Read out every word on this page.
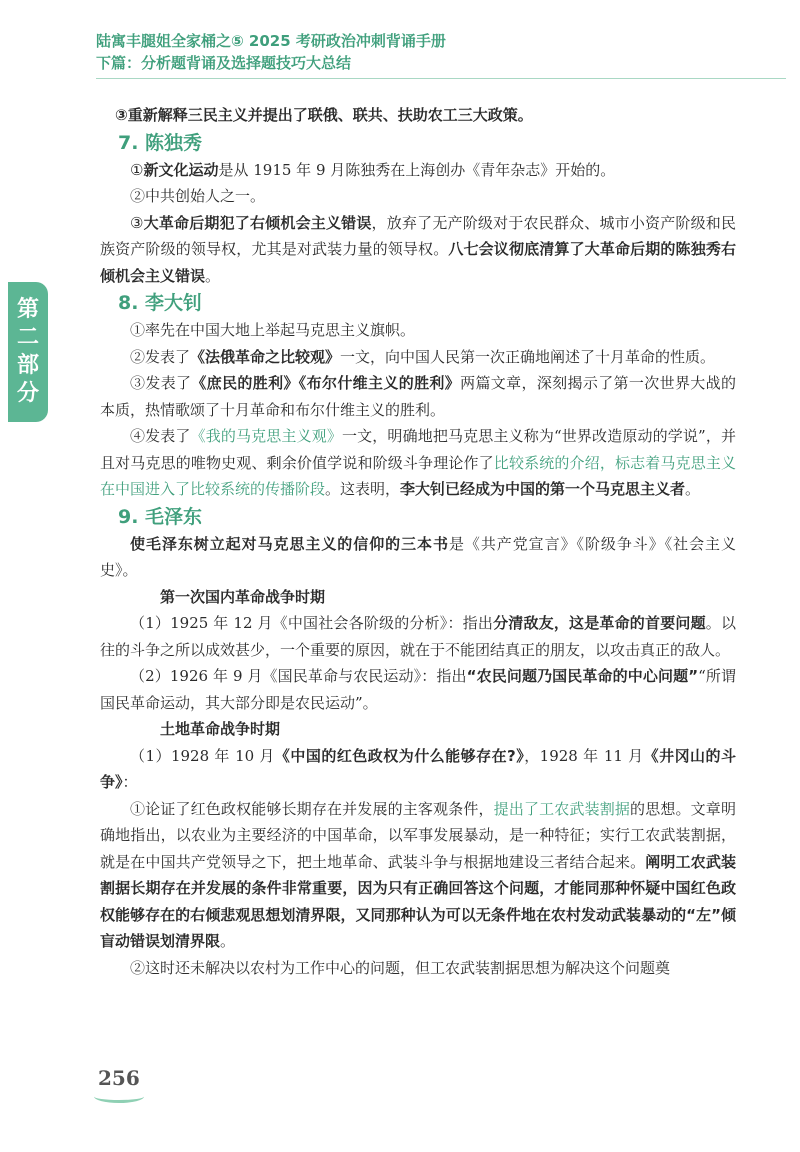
陆寓丰腿姐全家桶之⑤ 2025 考研政治冲刺背诵手册
下篇：分析题背诵及选择题技巧大总结
第
二
部
分

③重新解释三民主义并提出了联俄、联共、扶助农工三大政策。

7. 陈独秀

①新文化运动是从 1915 年 9 月陈独秀在上海创办《青年杂志》开始的。

②中共创始人之一。

③大革命后期犯了右倾机会主义错误，放弃了无产阶级对于农民群众、城市小资产阶级和民族资产阶级的领导权，尤其是对武装力量的领导权。八七会议彻底清算了大革命后期的陈独秀右倾机会主义错误。

8. 李大钊

①率先在中国大地上举起马克思主义旗帜。

②发表了《法俄革命之比较观》一文，向中国人民第一次正确地阐述了十月革命的性质。

③发表了《庶民的胜利》《布尔什维主义的胜利》两篇文章，深刻揭示了第一次世界大战的本质，热情歌颂了十月革命和布尔什维主义的胜利。

④发表了《我的马克思主义观》一文，明确地把马克思主义称为“世界改造原动的学说”，并且对马克思的唯物史观、剩余价值学说和阶级斗争理论作了比较系统的介绍，标志着马克思主义在中国进入了比较系统的传播阶段。这表明，李大钊已经成为中国的第一个马克思主义者。

9. 毛泽东

使毛泽东树立起对马克思主义的信仰的三本书是《共产党宣言》《阶级争斗》《社会主义史》。

第一次国内革命战争时期

（1）1925 年 12 月《中国社会各阶级的分析》：指出分清敌友，这是革命的首要问题。以往的斗争之所以成效甚少，一个重要的原因，就在于不能团结真正的朋友，以攻击真正的敌人。

（2）1926 年 9 月《国民革命与农民运动》：指出“农民问题乃国民革命的中心问题”“所谓国民革命运动，其大部分即是农民运动”。

土地革命战争时期

（1）1928 年 10 月《中国的红色政权为什么能够存在?》，1928 年 11 月《井冈山的斗争》：

①论证了红色政权能够长期存在并发展的主客观条件，提出了工农武装割据的思想。文章明确地指出，以农业为主要经济的中国革命，以军事发展暴动，是一种特征；实行工农武装割据，就是在中国共产党领导之下，把土地革命、武装斗争与根据地建设三者结合起来。阐明工农武装割据长期存在并发展的条件非常重要，因为只有正确回答这个问题，才能同那种怀疑中国红色政权能够存在的右倾悲观思想划清界限，又同那种认为可以无条件地在农村发动武装暴动的“左”倾盲动错误划清界限。

②这时还未解决以农村为工作中心的问题，但工农武装割据思想为解决这个问题奠

256
